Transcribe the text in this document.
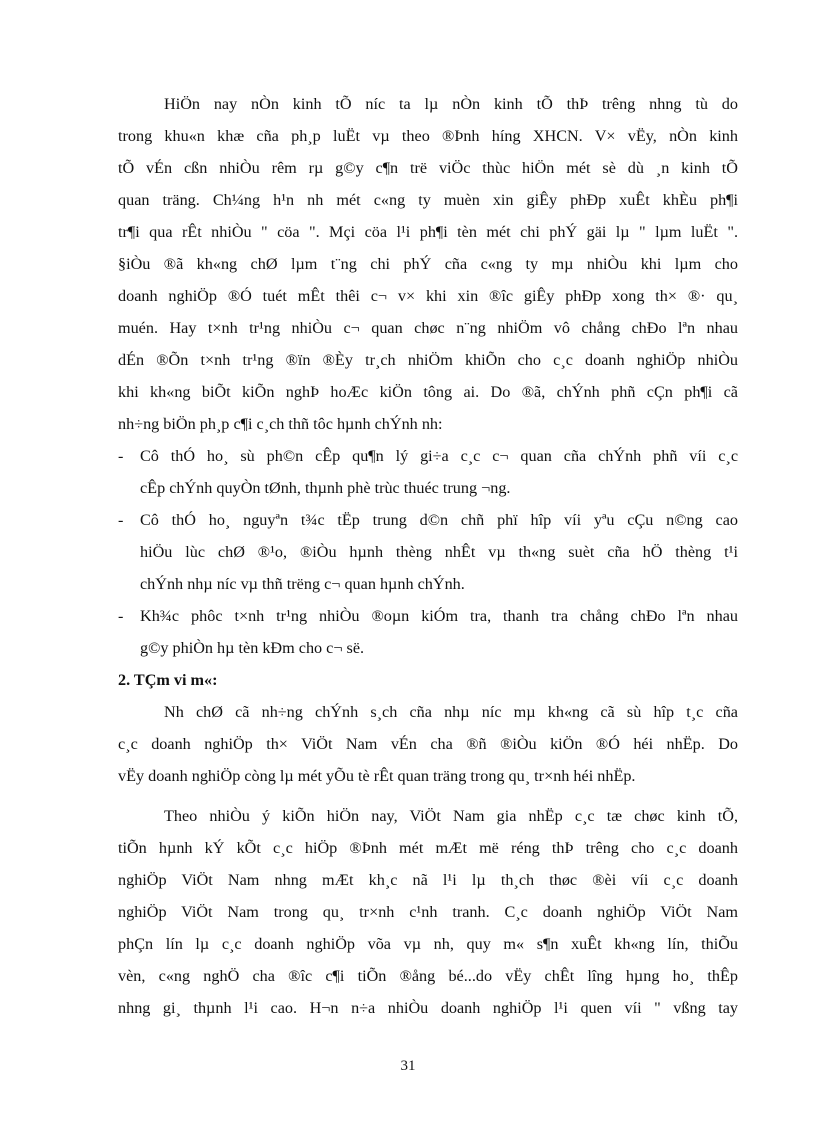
HiÖn nay nÒn kinh tÕ níc ta lµ nÒn kinh tÕ thÞ trêng nhng tù do
trong khu«n khæ cña ph¸p luËt vµ theo ®Þnh híng XHCN. V× vËy, nÒn kinh
tÕ vÉn cßn nhiÒu rêm rµ g©y c¶n trë viÖc thùc hiÖn mét sè dù ¸n kinh tÕ
quan träng. Ch¼ng h¹n nh mét c«ng ty muèn xin giÊy phÐp xuÊt khÈu ph¶i
tr¶i qua rÊt nhiÒu " cöa ". Mçi cöa l¹i ph¶i tèn mét chi phÝ gäi lµ " lµm luËt ".
§iÒu ®ã kh«ng chØ lµm t¨ng chi phÝ cña c«ng ty mµ nhiÒu khi lµm cho
doanh nghiÖp ®Ó tuét mÊt thêi c¬ v× khi xin ®îc giÊy phÐp xong th× ®· qu¸
muén. Hay t×nh tr¹ng nhiÒu c¬ quan chøc n¨ng nhiÖm vô chång chÐo lªn nhau
dÉn ®Õn t×nh tr¹ng ®ïn ®Èy tr¸ch nhiÖm khiÕn cho c¸c doanh nghiÖp nhiÒu
khi kh«ng biÕt kiÕn nghÞ hoÆc kiÖn tông ai. Do ®ã, chÝnh phñ cÇn ph¶i cã
nh÷ng biÖn ph¸p c¶i c¸ch thñ tôc hµnh chÝnh nh:
- Cô thÓ ho¸ sù ph©n cÊp qu¶n lý gi÷a c¸c c¬ quan cña chÝnh phñ víi c¸c
cÊp chÝnh quyÒn tØnh, thµnh phè trùc thuéc trung ¬ng.
- Cô thÓ ho¸ nguyªn t¾c tËp trung d©n chñ phï hîp víi yªu cÇu n©ng cao
hiÖu lùc chØ ®¹o, ®iÒu hµnh thèng nhÊt vµ th«ng suèt cña hÖ thèng t¹i
chÝnh nhµ níc vµ thñ trëng c¬ quan hµnh chÝnh.
- Kh¾c phôc t×nh tr¹ng nhiÒu ®oµn kiÓm tra, thanh tra chång chÐo lªn nhau
g©y phiÒn hµ tèn kÐm cho c¬ së.
2. TÇm vi m«:
Nh chØ cã nh÷ng chÝnh s¸ch cña nhµ níc mµ kh«ng cã sù hîp t¸c cña
c¸c doanh nghiÖp th× ViÖt Nam vÉn cha ®ñ ®iÒu kiÖn ®Ó héi nhËp. Do
vËy doanh nghiÖp còng lµ mét yÕu tè rÊt quan träng trong qu¸ tr×nh héi nhËp.
Theo nhiÒu ý kiÕn hiÖn nay, ViÖt Nam gia nhËp c¸c tæ chøc kinh tÕ,
tiÕn hµnh kÝ kÕt c¸c hiÖp ®Þnh mét mÆt më réng thÞ trêng cho c¸c doanh
nghiÖp ViÖt Nam nhng mÆt kh¸c nã l¹i lµ th¸ch thøc ®èi víi c¸c doanh
nghiÖp ViÖt Nam trong qu¸ tr×nh c¹nh tranh. C¸c doanh nghiÖp ViÖt Nam
phÇn lín lµ c¸c doanh nghiÖp võa vµ nh, quy m« s¶n xuÊt kh«ng lín, thiÕu
vèn, c«ng nghÖ cha ®îc c¶i tiÕn ®ång bé...do vËy chÊt lîng hµng ho¸ thÊp
nhng gi¸ thµnh l¹i cao. H¬n n÷a nhiÒu doanh nghiÖp l¹i quen víi " vßng tay
31
